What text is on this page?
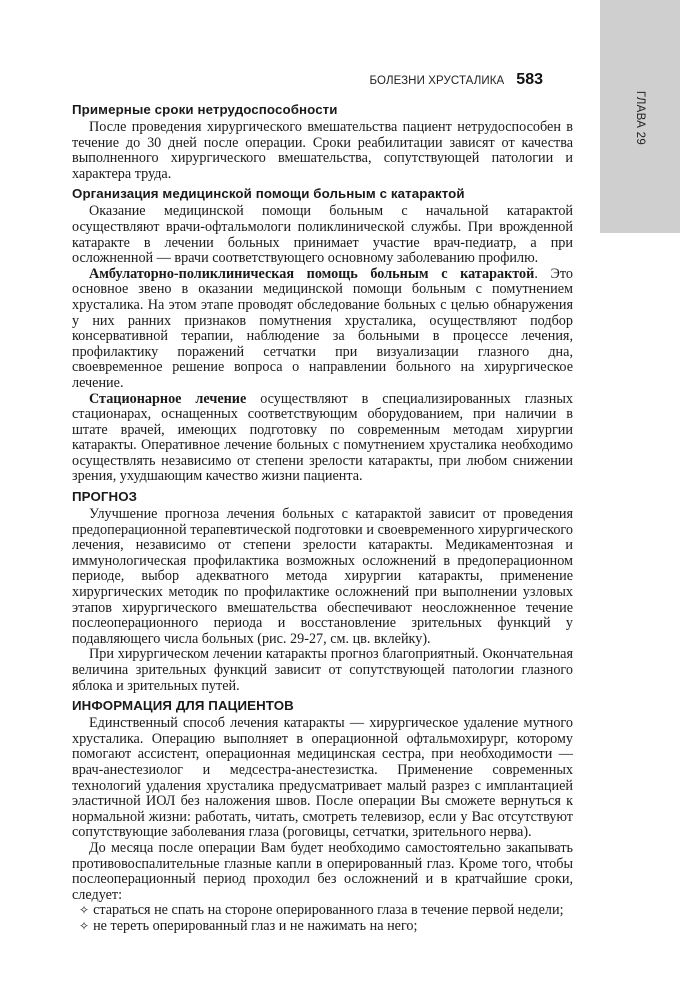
ГЛАВА 29
БОЛЕЗНИ ХРУСТАЛИКА 583
Примерные сроки нетрудоспособности

После проведения хирургического вмешательства пациент нетрудоспособен в течение до 30 дней после операции. Сроки реабилитации зависят от качества выполненного хирургического вмешательства, сопутствующей патологии и характера труда.

Организация медицинской помощи больным с катарактой

Оказание медицинской помощи больным с начальной катарактой осуществляют врачи-офтальмологи поликлинической службы. При врожденной катаракте в лечении больных принимает участие врач-педиатр, а при осложненной — врачи соответствующего основному заболеванию профилю.

Амбулаторно-поликлиническая помощь больным с катарактой. Это основное звено в оказании медицинской помощи больным с помутнением хрусталика. На этом этапе проводят обследование больных с целью обнаружения у них ранних признаков помутнения хрусталика, осуществляют подбор консервативной терапии, наблюдение за больными в процессе лечения, профилактику поражений сетчатки при визуализации глазного дна, своевременное решение вопроса о направлении больного на хирургическое лечение.

Стационарное лечение осуществляют в специализированных глазных стационарах, оснащенных соответствующим оборудованием, при наличии в штате врачей, имеющих подготовку по современным методам хирургии катаракты. Оперативное лечение больных с помутнением хрусталика необходимо осуществлять независимо от степени зрелости катаракты, при любом снижении зрения, ухудшающим качество жизни пациента.

ПРОГНОЗ

Улучшение прогноза лечения больных с катарактой зависит от проведения предоперационной терапевтической подготовки и своевременного хирургического лечения, независимо от степени зрелости катаракты. Медикаментозная и иммунологическая профилактика возможных осложнений в предоперационном периоде, выбор адекватного метода хирургии катаракты, применение хирургических методик по профилактике осложнений при выполнении узловых этапов хирургического вмешательства обеспечивают неосложненное течение послеоперационного периода и восстановление зрительных функций у подавляющего числа больных (рис. 29-27, см. цв. вклейку).

При хирургическом лечении катаракты прогноз благоприятный. Окончательная величина зрительных функций зависит от сопутствующей патологии глазного яблока и зрительных путей.

ИНФОРМАЦИЯ ДЛЯ ПАЦИЕНТОВ

Единственный способ лечения катаракты — хирургическое удаление мутного хрусталика. Операцию выполняет в операционной офтальмохирург, которому помогают ассистент, операционная медицинская сестра, при необходимости — врач-анестезиолог и медсестра-анестезистка. Применение современных технологий удаления хрусталика предусматривает малый разрез с имплантацией эластичной ИОЛ без наложения швов. После операции Вы сможете вернуться к нормальной жизни: работать, читать, смотреть телевизор, если у Вас отсутствуют сопутствующие заболевания глаза (роговицы, сетчатки, зрительного нерва).

До месяца после операции Вам будет необходимо самостоятельно закапывать противовоспалительные глазные капли в оперированный глаз. Кроме того, чтобы послеоперационный период проходил без осложнений и в кратчайшие сроки, следует:

✧ стараться не спать на стороне оперированного глаза в течение первой недели;
✧ не тереть оперированный глаз и не нажимать на него;
